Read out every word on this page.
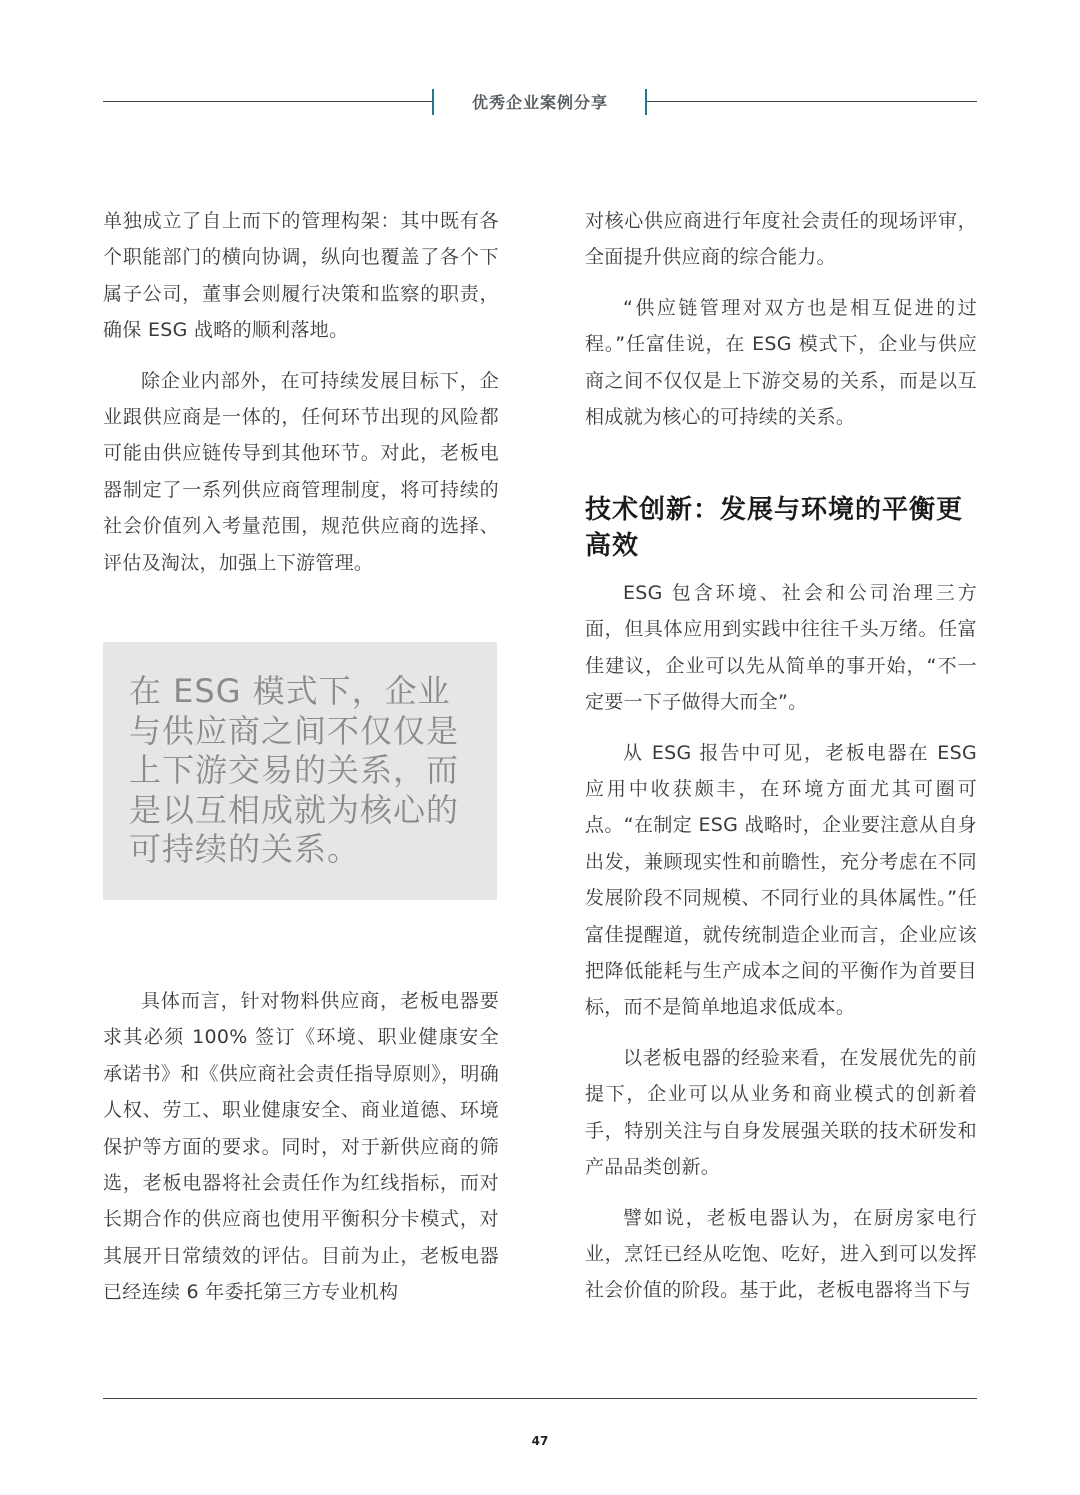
优秀企业案例分享

单独成立了自上而下的管理构架：其中既有各个职能部门的横向协调，纵向也覆盖了各个下属子公司，董事会则履行决策和监察的职责，确保 ESG 战略的顺利落地。

除企业内部外，在可持续发展目标下，企业跟供应商是一体的，任何环节出现的风险都可能由供应链传导到其他环节。对此，老板电器制定了一系列供应商管理制度，将可持续的社会价值列入考量范围，规范供应商的选择、评估及淘汰，加强上下游管理。

在 ESG 模式下，企业与供应商之间不仅仅是上下游交易的关系，而是以互相成就为核心的可持续的关系。

具体而言，针对物料供应商，老板电器要求其必须 100% 签订《环境、职业健康安全承诺书》和《供应商社会责任指导原则》，明确人权、劳工、职业健康安全、商业道德、环境保护等方面的要求。同时，对于新供应商的筛选，老板电器将社会责任作为红线指标，而对长期合作的供应商也使用平衡积分卡模式，对其展开日常绩效的评估。目前为止，老板电器已经连续 6 年委托第三方专业机构

对核心供应商进行年度社会责任的现场评审，全面提升供应商的综合能力。

“供应链管理对双方也是相互促进的过程。”任富佳说，在 ESG 模式下，企业与供应商之间不仅仅是上下游交易的关系，而是以互相成就为核心的可持续的关系。

技术创新：发展与环境的平衡更高效

ESG 包含环境、社会和公司治理三方面，但具体应用到实践中往往千头万绪。任富佳建议，企业可以先从简单的事开始，“不一定要一下子做得大而全”。

从 ESG 报告中可见，老板电器在 ESG 应用中收获颇丰，在环境方面尤其可圈可点。“在制定 ESG 战略时，企业要注意从自身出发，兼顾现实性和前瞻性，充分考虑在不同发展阶段不同规模、不同行业的具体属性。”任富佳提醒道，就传统制造企业而言，企业应该把降低能耗与生产成本之间的平衡作为首要目标，而不是简单地追求低成本。

以老板电器的经验来看，在发展优先的前提下，企业可以从业务和商业模式的创新着手，特别关注与自身发展强关联的技术研发和产品品类创新。

譬如说，老板电器认为，在厨房家电行业，烹饪已经从吃饱、吃好，进入到可以发挥社会价值的阶段。基于此，老板电器将当下与

47
